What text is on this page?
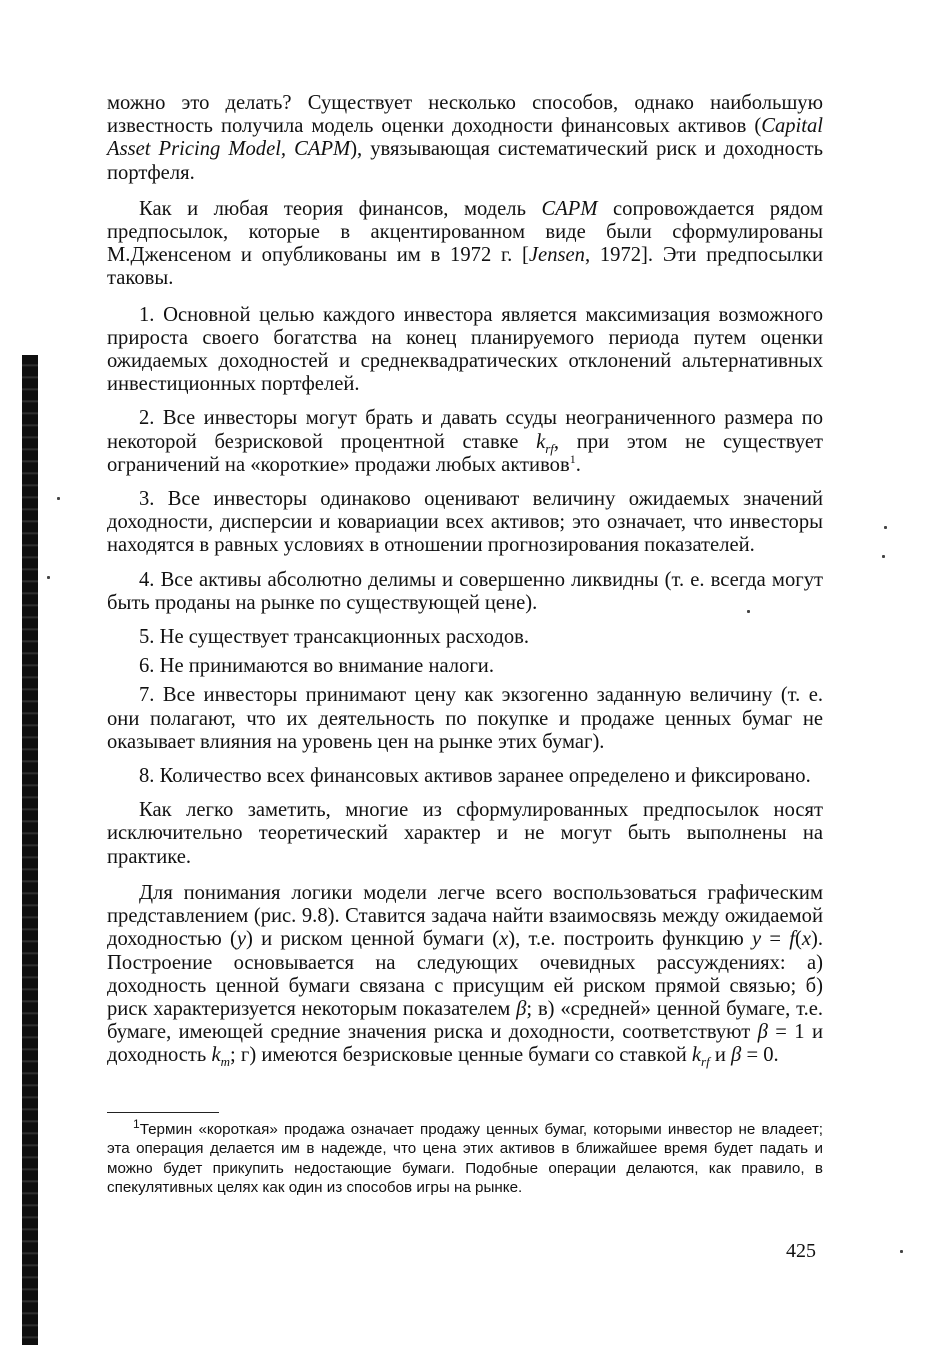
можно это делать? Существует несколько способов, однако наибольшую известность получила модель оценки доходности финансовых активов (Capital Asset Pricing Model, CAPM), увязывающая систематический риск и доходность портфеля.

Как и любая теория финансов, модель CAPM сопровождается рядом предпосылок, которые в акцентированном виде были сформулированы М.Дженсеном и опубликованы им в 1972 г. [Jensen, 1972]. Эти предпосылки таковы.

1. Основной целью каждого инвестора является максимизация возможного прироста своего богатства на конец планируемого периода путем оценки ожидаемых доходностей и среднеквадратических отклонений альтернативных инвестиционных портфелей.

2. Все инвесторы могут брать и давать ссуды неограниченного размера по некоторой безрисковой процентной ставке $k_{rf}$, при этом не существует ограничений на «короткие» продажи любых активов$^1$.

3. Все инвесторы одинаково оценивают величину ожидаемых значений доходности, дисперсии и ковариации всех активов; это означает, что инвесторы находятся в равных условиях в отношении прогнозирования показателей.

4. Все активы абсолютно делимы и совершенно ликвидны (т. е. всегда могут быть проданы на рынке по существующей цене).

5. Не существует трансакционных расходов.

6. Не принимаются во внимание налоги.

7. Все инвесторы принимают цену как экзогенно заданную величину (т. е. они полагают, что их деятельность по покупке и продаже ценных бумаг не оказывает влияния на уровень цен на рынке этих бумаг).

8. Количество всех финансовых активов заранее определено и фиксировано.

Как легко заметить, многие из сформулированных предпосылок носят исключительно теоретический характер и не могут быть выполнены на практике.

Для понимания логики модели легче всего воспользоваться графическим представлением (рис. 9.8). Ставится задача найти взаимосвязь между ожидаемой доходностью (y) и риском ценной бумаги (x), т.е. построить функцию y = f(x). Построение основывается на следующих очевидных рассуждениях: а) доходность ценной бумаги связана с присущим ей риском прямой связью; б) риск характеризуется некоторым показателем β; в) «средней» ценной бумаге, т.е. бумаге, имеющей средние значения риска и доходности, соответствуют β = 1 и доходность $k_m$; г) имеются безрисковые ценные бумаги со ставкой $k_{rf}$ и β = 0.

$^1$Термин «короткая» продажа означает продажу ценных бумаг, которыми инвестор не владеет; эта операция делается им в надежде, что цена этих активов в ближайшее время будет падать и можно будет прикупить недостающие бумаги. Подобные операции делаются, как правило, в спекулятивных целях как один из способов игры на рынке.
425
